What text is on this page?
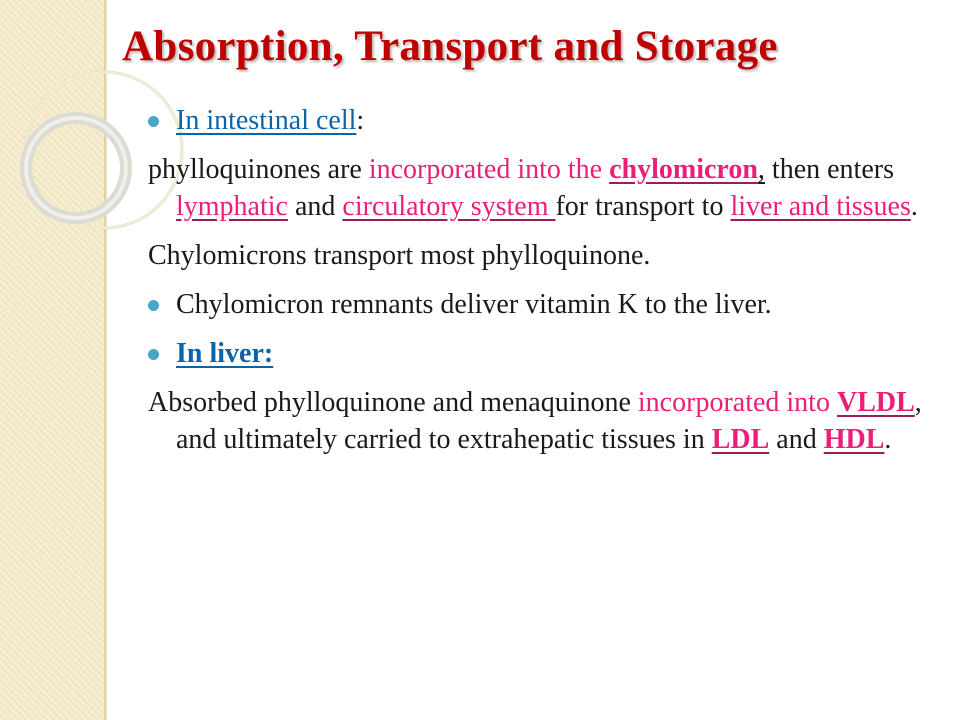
Absorption, Transport and Storage
In intestinal cell:
phylloquinones are incorporated into the chylomicron, then enters lymphatic and circulatory system for transport to liver and tissues.
Chylomicrons transport most phylloquinone.
Chylomicron remnants deliver vitamin K to the liver.
In liver:
Absorbed phylloquinone and menaquinone incorporated into VLDL, and ultimately carried to extrahepatic tissues in LDL and HDL.
